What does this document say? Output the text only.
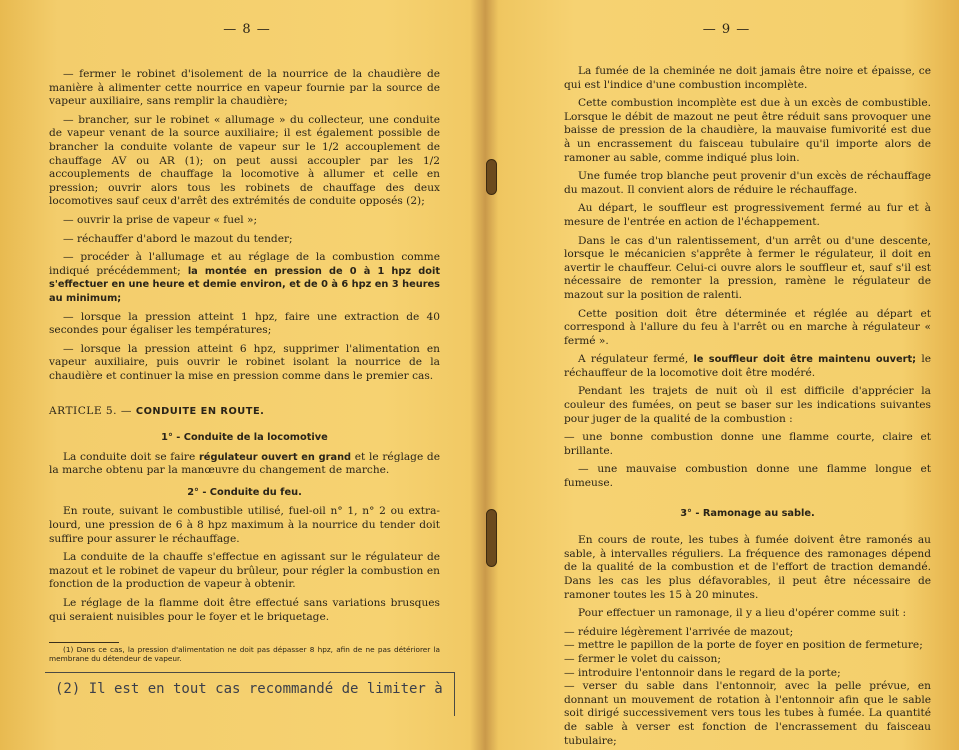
— 8 —

— fermer le robinet d'isolement de la nourrice de la chaudière de manière à alimenter cette nourrice en vapeur fournie par la source de vapeur auxiliaire, sans remplir la chaudière;

— brancher, sur le robinet « allumage » du collecteur, une conduite de vapeur venant de la source auxiliaire; il est également possible de brancher la conduite volante de vapeur sur le 1/2 accouplement de chauffage AV ou AR (1); on peut aussi accoupler par les 1/2 accouplements de chauffage la locomotive à allumer et celle en pression; ouvrir alors tous les robinets de chauffage des deux locomotives sauf ceux d'arrêt des extrémités de conduite opposés (2);

— ouvrir la prise de vapeur « fuel »;

— réchauffer d'abord le mazout du tender;

— procéder à l'allumage et au réglage de la combustion comme indiqué précédemment; la montée en pression de 0 à 1 hpz doit s'effectuer en une heure et demie environ, et de 0 à 6 hpz en 3 heures au minimum;

— lorsque la pression atteint 1 hpz, faire une extraction de 40 secondes pour égaliser les températures;

— lorsque la pression atteint 6 hpz, supprimer l'alimentation en vapeur auxiliaire, puis ouvrir le robinet isolant la nourrice de la chaudière et continuer la mise en pression comme dans le premier cas.

ARTICLE 5. — CONDUITE EN ROUTE.

1° - Conduite de la locomotive

La conduite doit se faire régulateur ouvert en grand et le réglage de la marche obtenu par la manœuvre du changement de marche.

2° - Conduite du feu.

En route, suivant le combustible utilisé, fuel-oil n° 1, n° 2 ou extra-lourd, une pression de 6 à 8 hpz maximum à la nourrice du tender doit suffire pour assurer le réchauffage.

La conduite de la chauffe s'effectue en agissant sur le régulateur de mazout et le robinet de vapeur du brûleur, pour régler la combustion en fonction de la production de vapeur à obtenir.

Le réglage de la flamme doit être effectué sans variations brusques qui seraient nuisibles pour le foyer et le briquetage.

(1) Dans ce cas, la pression d'alimentation ne doit pas dépasser 8 hpz, afin de ne pas détériorer la membrane du détendeur de vapeur.

(2) Il est en tout cas recommandé de limiter à
— 9 —

La fumée de la cheminée ne doit jamais être noire et épaisse, ce qui est l'indice d'une combustion incomplète.

Cette combustion incomplète est due à un excès de combustible. Lorsque le débit de mazout ne peut être réduit sans provoquer une baisse de pression de la chaudière, la mauvaise fumivorité est due à un encrassement du faisceau tubulaire qu'il importe alors de ramoner au sable, comme indiqué plus loin.

Une fumée trop blanche peut provenir d'un excès de réchauffage du mazout. Il convient alors de réduire le réchauffage.

Au départ, le souffleur est progressivement fermé au fur et à mesure de l'entrée en action de l'échappement.

Dans le cas d'un ralentissement, d'un arrêt ou d'une descente, lorsque le mécanicien s'apprête à fermer le régulateur, il doit en avertir le chauffeur. Celui-ci ouvre alors le souffleur et, sauf s'il est nécessaire de remonter la pression, ramène le régulateur de mazout sur la position de ralenti.

Cette position doit être déterminée et réglée au départ et correspond à l'allure du feu à l'arrêt ou en marche à régulateur « fermé ».

A régulateur fermé, le souffleur doit être maintenu ouvert; le réchauffeur de la locomotive doit être modéré.

Pendant les trajets de nuit où il est difficile d'apprécier la couleur des fumées, on peut se baser sur les indications suivantes pour juger de la qualité de la combustion :

— une bonne combustion donne une flamme courte, claire et brillante.

— une mauvaise combustion donne une flamme longue et fumeuse.

3° - Ramonage au sable.

En cours de route, les tubes à fumée doivent être ramonés au sable, à intervalles réguliers. La fréquence des ramonages dépend de la qualité de la combustion et de l'effort de traction demandé. Dans les cas les plus défavorables, il peut être nécessaire de ramoner toutes les 15 à 20 minutes.

Pour effectuer un ramonage, il y a lieu d'opérer comme suit :

— réduire légèrement l'arrivée de mazout;

— mettre le papillon de la porte de foyer en position de fermeture;

— fermer le volet du caisson;

— introduire l'entonnoir dans le regard de la porte;

— verser du sable dans l'entonnoir, avec la pelle prévue, en donnant un mouvement de rotation à l'entonnoir afin que le sable soit dirigé successivement vers tous les tubes à fumée. La quantité de sable à verser est fonction de l'encrassement du faisceau tubulaire;
